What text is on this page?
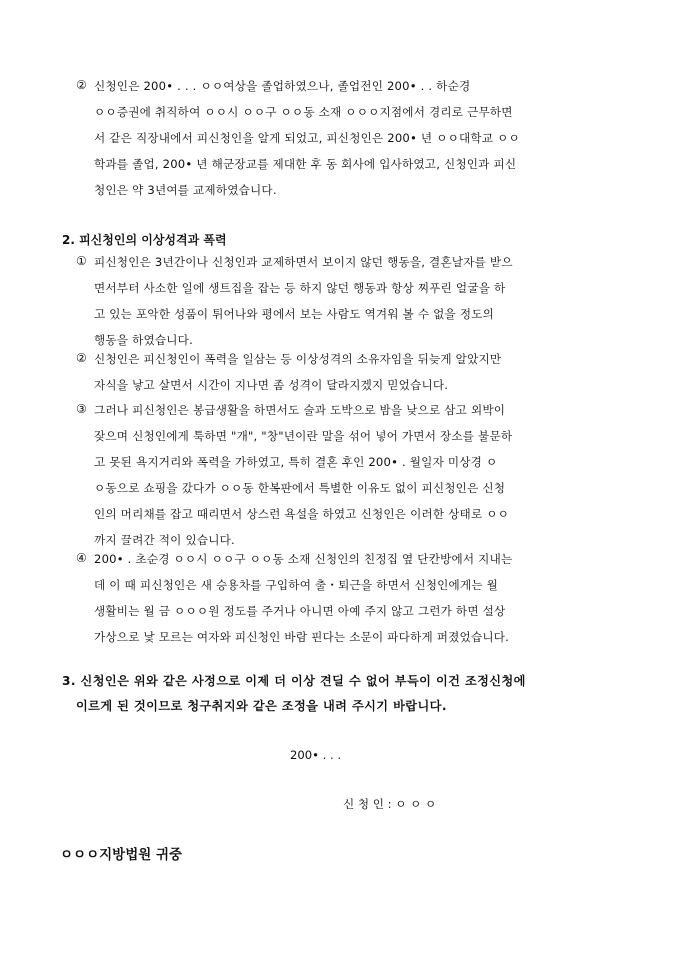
② 신청인은 200• . . . ㅇㅇ여상을 졸업하였으나, 졸업전인 200• . . 하순경
ㅇㅇ증권에 취직하여 ㅇㅇ시 ㅇㅇ구 ㅇㅇ동 소재 ㅇㅇㅇ지점에서 경리로 근무하면
서 같은 직장내에서 피신청인을 알게 되었고, 피신청인은 200• 년 ㅇㅇ대학교 ㅇㅇ
학과를 졸업, 200• 년 해군장교를 제대한 후 동 회사에 입사하였고, 신청인과 피신
청인은 약 3년여를 교제하였습니다.
2. 피신청인의 이상성격과 폭력
① 피신청인은 3년간이나 신청인과 교제하면서 보이지 않던 행동을, 결혼날자를 받으
면서부터 사소한 일에 생트집을 잡는 등 하지 않던 행동과 항상 찌푸린 얼굴을 하
고 있는 포악한 성품이 튀어나와 평에서 보는 사람도 역겨워 볼 수 없을 정도의
행동을 하였습니다.
② 신청인은 피신청인이 폭력을 일삼는 등 이상성격의 소유자임을 뒤늦게 알았지만
자식을 낳고 살면서 시간이 지나면 좀 성격이 달라지겠지 믿었습니다.
③ 그러나 피신청인은 봉급생활을 하면서도 술과 도박으로 밤을 낮으로 삼고 외박이
잦으며 신청인에게 툭하면 "개", "창"년이란 말을 섞어 넣어 가면서 장소를 불문하
고 못된 욕지거리와 폭력을 가하였고, 특히 결혼 후인 200• . 월일자 미상경 ㅇ
ㅇ동으로 쇼핑을 갔다가 ㅇㅇ동 한복판에서 특별한 이유도 없이 피신청인은 신청
인의 머리채를 잡고 때리면서 상스런 욕설을 하였고 신청인은 이러한 상태로 ㅇㅇ
까지 끌려간 적이 있습니다.
④ 200• . 초순경 ㅇㅇ시 ㅇㅇ구 ㅇㅇ동 소재 신청인의 친정집 옆 단칸방에서 지내는
데 이 때 피신청인은 새 승용차를 구입하여 출・퇴근을 하면서 신청인에게는 월
생활비는 월 금 ㅇㅇㅇ원 정도를 주거나 아니면 아예 주지 않고 그런가 하면 설상
가상으로 낯 모르는 여자와 피신청인 바람 핀다는 소문이 파다하게 퍼졌었습니다.
3. 신청인은 위와 같은 사정으로 이제 더 이상 견딜 수 없어 부득이 이건 조정신청에
이르게 된 것이므로 청구취지와 같은 조정을 내려 주시기 바랍니다.
200• . . .
신 청 인 : ㅇ ㅇ ㅇ
ㅇㅇㅇ지방법원 귀중
